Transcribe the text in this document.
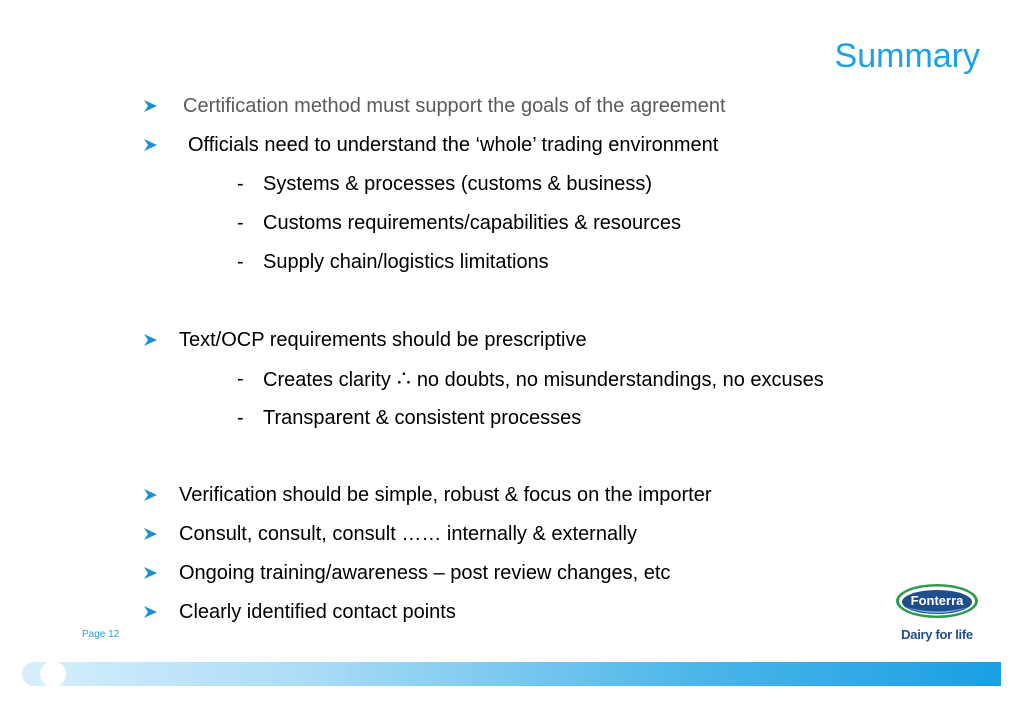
Summary
Certification method must support the goals of the agreement
Officials need to understand the ‘whole’ trading environment
- Systems & processes (customs & business)
- Customs requirements/capabilities & resources
- Supply chain/logistics limitations
Text/OCP requirements should be prescriptive
- Creates clarity ∴ no doubts, no misunderstandings, no excuses
- Transparent & consistent processes
Verification should be simple, robust & focus on the importer
Consult, consult, consult …… internally & externally
Ongoing training/awareness – post review changes, etc
Clearly identified contact points
Fonterra
Dairy for life
Page 12
